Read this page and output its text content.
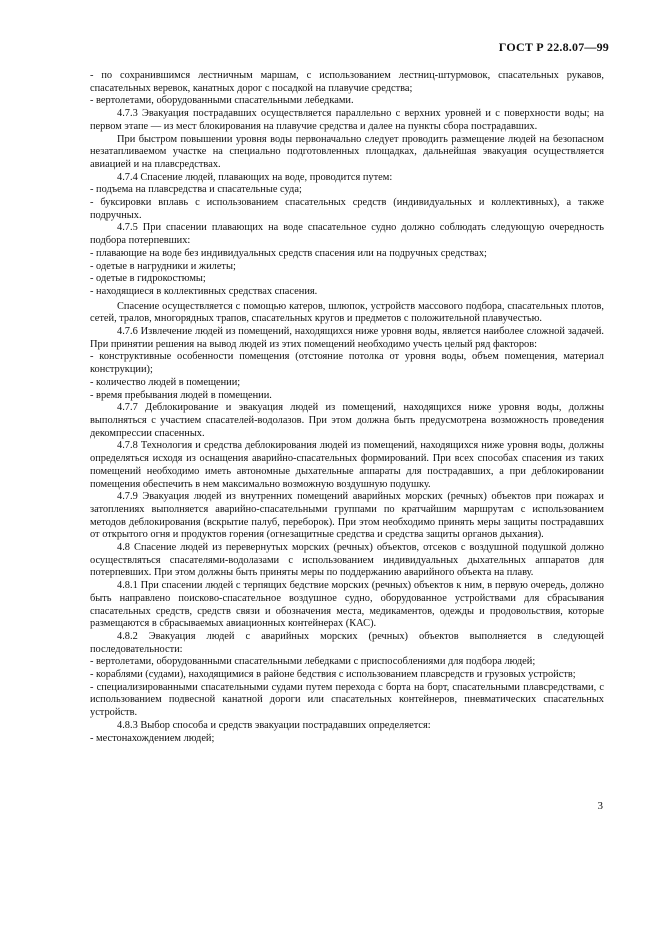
ГОСТ Р 22.8.07—99

- по сохранившимся лестничным маршам, с использованием лестниц-штурмовок, спасательных рукавов, спасательных веревок, канатных дорог с посадкой на плавучие средства;

- вертолетами, оборудованными спасательными лебедками.

4.7.3 Эвакуация пострадавших осуществляется параллельно с верхних уровней и с поверхности воды; на первом этапе — из мест блокирования на плавучие средства и далее на пункты сбора пострадавших.

При быстром повышении уровня воды первоначально следует проводить размещение людей на безопасном незатапливаемом участке на специально подготовленных площадках, дальнейшая эвакуация осуществляется авиацией и на плавсредствах.

4.7.4 Спасение людей, плавающих на воде, проводится путем:

- подъема на плавсредства и спасательные суда;

- буксировки вплавь с использованием спасательных средств (индивидуальных и коллективных), а также подручных.

4.7.5 При спасении плавающих на воде спасательное судно должно соблюдать следующую очередность подбора потерпевших:

- плавающие на воде без индивидуальных средств спасения или на подручных средствах;

- одетые в нагрудники и жилеты;

- одетые в гидрокостюмы;

- находящиеся в коллективных средствах спасения.

Спасение осуществляется с помощью катеров, шлюпок, устройств массового подбора, спасательных плотов, сетей, тралов, многорядных трапов, спасательных кругов и предметов с положительной плавучестью.

4.7.6 Извлечение людей из помещений, находящихся ниже уровня воды, является наиболее сложной задачей. При принятии решения на вывод людей из этих помещений необходимо учесть целый ряд факторов:

- конструктивные особенности помещения (отстояние потолка от уровня воды, объем помещения, материал конструкции);

- количество людей в помещении;

- время пребывания людей в помещении.

4.7.7 Деблокирование и эвакуация людей из помещений, находящихся ниже уровня воды, должны выполняться с участием спасателей-водолазов. При этом должна быть предусмотрена возможность проведения декомпрессии спасенных.

4.7.8 Технология и средства деблокирования людей из помещений, находящихся ниже уровня воды, должны определяться исходя из оснащения аварийно-спасательных формирований. При всех способах спасения из таких помещений необходимо иметь автономные дыхательные аппараты для пострадавших, а при деблокировании помещения обеспечить в нем максимально возможную воздушную подушку.

4.7.9 Эвакуация людей из внутренних помещений аварийных морских (речных) объектов при пожарах и затоплениях выполняется аварийно-спасательными группами по кратчайшим маршрутам с использованием методов деблокирования (вскрытие палуб, переборок). При этом необходимо принять меры защиты пострадавших от открытого огня и продуктов горения (огнезащитные средства и средства защиты органов дыхания).

4.8 Спасение людей из перевернутых морских (речных) объектов, отсеков с воздушной подушкой должно осуществляться спасателями-водолазами с использованием индивидуальных дыхательных аппаратов для потерпевших. При этом должны быть приняты меры по поддержанию аварийного объекта на плаву.

4.8.1 При спасении людей с терпящих бедствие морских (речных) объектов к ним, в первую очередь, должно быть направлено поисково-спасательное воздушное судно, оборудованное устройствами для сбрасывания спасательных средств, средств связи и обозначения места, медикаментов, одежды и продовольствия, которые размещаются в сбрасываемых авиационных контейнерах (КАС).

4.8.2 Эвакуация людей с аварийных морских (речных) объектов выполняется в следующей последовательности:

- вертолетами, оборудованными спасательными лебедками с приспособлениями для подбора людей;

- кораблями (судами), находящимися в районе бедствия с использованием плавсредств и грузовых устройств;

- специализированными спасательными судами путем перехода с борта на борт, спасательными плавсредствами, с использованием подвесной канатной дороги или спасательных контейнеров, пневматических спасательных устройств.

4.8.3 Выбор способа и средств эвакуации пострадавших определяется:

- местонахождением людей;

3
